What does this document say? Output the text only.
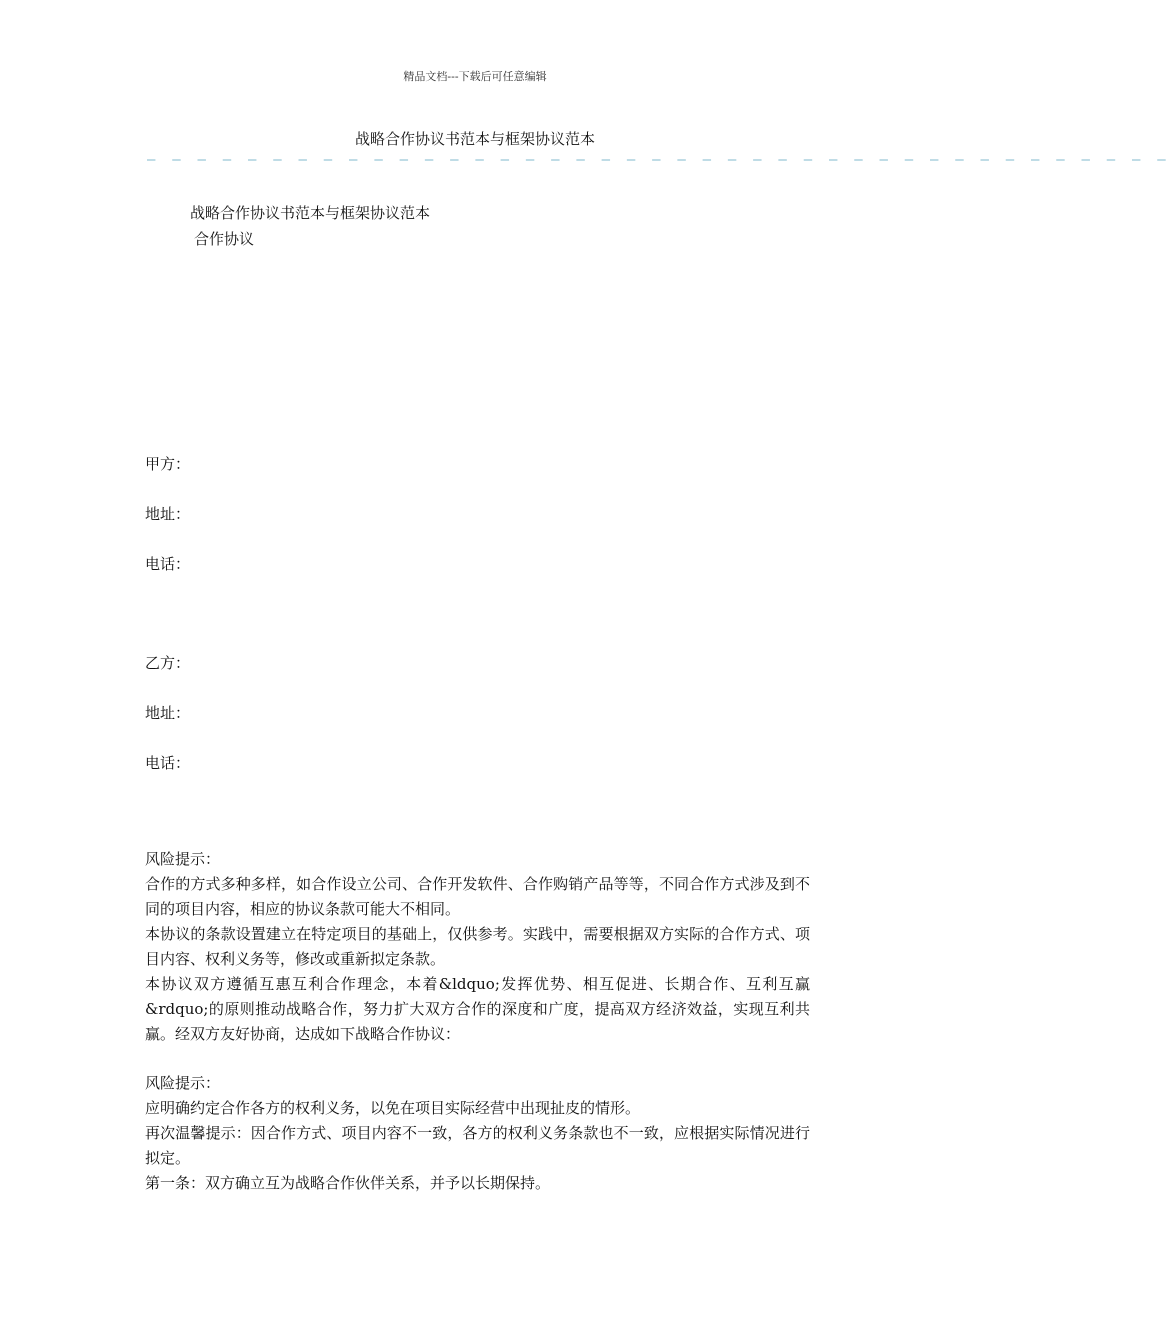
精品文档---下载后可任意编辑
战略合作协议书范本与框架协议范本
— — — — — — — — — — — — — — — — — — — — — — — — — — — — — — — — — — — — — — — — —
战略合作协议书范本与框架协议范本
合作协议
甲方：
地址：
电话：
乙方：
地址：
电话：

风险提示：

合作的方式多种多样，如合作设立公司、合作开发软件、合作购销产品等等，不同合作方式涉及到不同的项目内容，相应的协议条款可能大不相同。

本协议的条款设置建立在特定项目的基础上，仅供参考。实践中，需要根据双方实际的合作方式、项目内容、权利义务等，修改或重新拟定条款。

本协议双方遵循互惠互利合作理念，本着&ldquo;发挥优势、相互促进、长期合作、互利互赢&rdquo;的原则推动战略合作，努力扩大双方合作的深度和广度，提高双方经济效益，实现互利共赢。经双方友好协商，达成如下战略合作协议：

风险提示：

应明确约定合作各方的权利义务，以免在项目实际经营中出现扯皮的情形。

再次温馨提示：因合作方式、项目内容不一致，各方的权利义务条款也不一致，应根据实际情况进行拟定。

第一条：双方确立互为战略合作伙伴关系，并予以长期保持。
